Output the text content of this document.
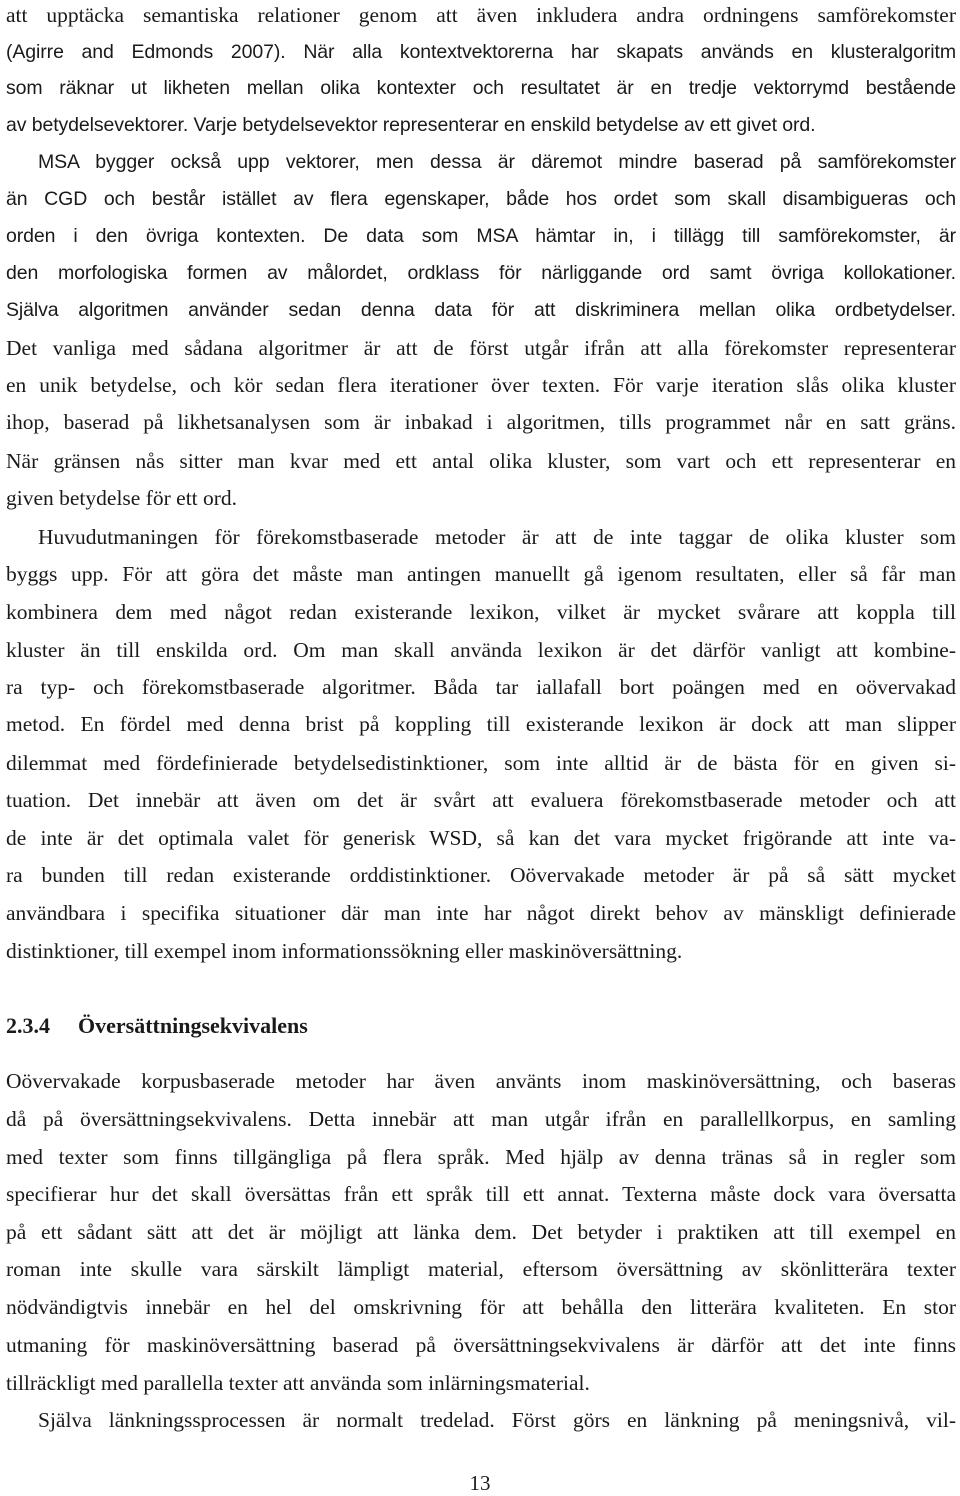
att upptäcka semantiska relationer genom att även inkludera andra ordningens samförekomster
(Agirre and Edmonds 2007). När alla kontextvektorerna har skapats används en klusteralgoritm
som räknar ut likheten mellan olika kontexter och resultatet är en tredje vektorrymd bestående
av betydelsevektorer. Varje betydelsevektor representerar en enskild betydelse av ett givet ord.
MSA bygger också upp vektorer, men dessa är däremot mindre baserad på samförekomster
än CGD och består istället av flera egenskaper, både hos ordet som skall disambigueras och
orden i den övriga kontexten. De data som MSA hämtar in, i tillägg till samförekomster, är
den morfologiska formen av målordet, ordklass för närliggande ord samt övriga kollokationer.
Själva algoritmen använder sedan denna data för att diskriminera mellan olika ordbetydelser.
Det vanliga med sådana algoritmer är att de först utgår ifrån att alla förekomster representerar
en unik betydelse, och kör sedan flera iterationer över texten. För varje iteration slås olika kluster
ihop, baserad på likhetsanalysen som är inbakad i algoritmen, tills programmet når en satt gräns.
När gränsen nås sitter man kvar med ett antal olika kluster, som vart och ett representerar en
given betydelse för ett ord.
Huvudutmaningen för förekomstbaserade metoder är att de inte taggar de olika kluster som
byggs upp. För att göra det måste man antingen manuellt gå igenom resultaten, eller så får man
kombinera dem med något redan existerande lexikon, vilket är mycket svårare att koppla till
kluster än till enskilda ord. Om man skall använda lexikon är det därför vanligt att kombine-
ra typ- och förekomstbaserade algoritmer. Båda tar iallafall bort poängen med en oövervakad
metod. En fördel med denna brist på koppling till existerande lexikon är dock att man slipper
dilemmat med fördefinierade betydelsedistinktioner, som inte alltid är de bästa för en given si-
tuation. Det innebär att även om det är svårt att evaluera förekomstbaserade metoder och att
de inte är det optimala valet för generisk WSD, så kan det vara mycket frigörande att inte va-
ra bunden till redan existerande orddistinktioner. Oövervakade metoder är på så sätt mycket
användbara i specifika situationer där man inte har något direkt behov av mänskligt definierade
distinktioner, till exempel inom informationssökning eller maskinöversättning.
2.3.4 Översättningsekvivalens
Oövervakade korpusbaserade metoder har även använts inom maskinöversättning, och baseras
då på översättningsekvivalens. Detta innebär att man utgår ifrån en parallellkorpus, en samling
med texter som finns tillgängliga på flera språk. Med hjälp av denna tränas så in regler som
specifierar hur det skall översättas från ett språk till ett annat. Texterna måste dock vara översatta
på ett sådant sätt att det är möjligt att länka dem. Det betyder i praktiken att till exempel en
roman inte skulle vara särskilt lämpligt material, eftersom översättning av skönlitterära texter
nödvändigtvis innebär en hel del omskrivning för att behålla den litterära kvaliteten. En stor
utmaning för maskinöversättning baserad på översättningsekvivalens är därför att det inte finns
tillräckligt med parallella texter att använda som inlärningsmaterial.
Själva länkningssprocessen är normalt tredelad. Först görs en länkning på meningsnivå, vil-
13
